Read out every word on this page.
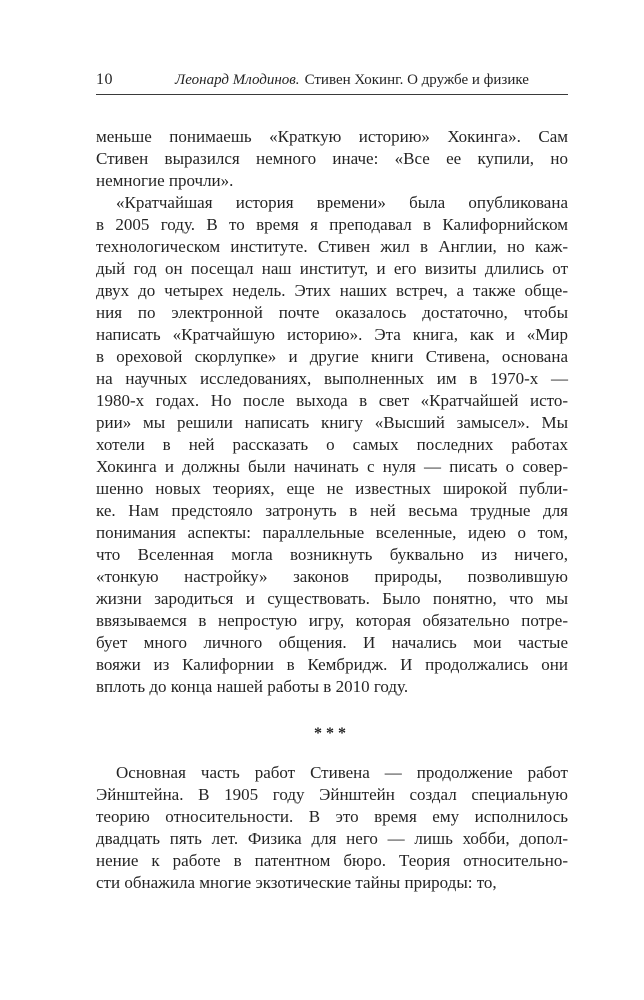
10	Леонард Млодинов. Стивен Хокинг. О дружбе и физике
меньше понимаешь «Краткую историю» Хокинга». Сам
Стивен выразился немного иначе: «Все ее купили, но
немногие прочли».
«Кратчайшая история времени» была опубликована
в 2005 году. В то время я преподавал в Калифорнийском
технологическом институте. Стивен жил в Англии, но каж-
дый год он посещал наш институт, и его визиты длились от
двух до четырех недель. Этих наших встреч, а также обще-
ния по электронной почте оказалось достаточно, чтобы
написать «Кратчайшую историю». Эта книга, как и «Мир
в ореховой скорлупке» и другие книги Стивена, основана
на научных исследованиях, выполненных им в 1970-х —
1980-х годах. Но после выхода в свет «Кратчайшей исто-
рии» мы решили написать книгу «Высший замысел». Мы
хотели в ней рассказать о самых последних работах
Хокинга и должны были начинать с нуля — писать о совер-
шенно новых теориях, еще не известных широкой публи-
ке. Нам предстояло затронуть в ней весьма трудные для
понимания аспекты: параллельные вселенные, идею о том,
что Вселенная могла возникнуть буквально из ничего,
«тонкую настройку» законов природы, позволившую
жизни зародиться и существовать. Было понятно, что мы
ввязываемся в непростую игру, которая обязательно потре-
бует много личного общения. И начались мои частые
вояжи из Калифорнии в Кембридж. И продолжались они
вплоть до конца нашей работы в 2010 году.
***
Основная часть работ Стивена — продолжение работ
Эйнштейна. В 1905 году Эйнштейн создал специальную
теорию относительности. В это время ему исполнилось
двадцать пять лет. Физика для него — лишь хобби, допол-
нение к работе в патентном бюро. Теория относительно-
сти обнажила многие экзотические тайны природы: то,
